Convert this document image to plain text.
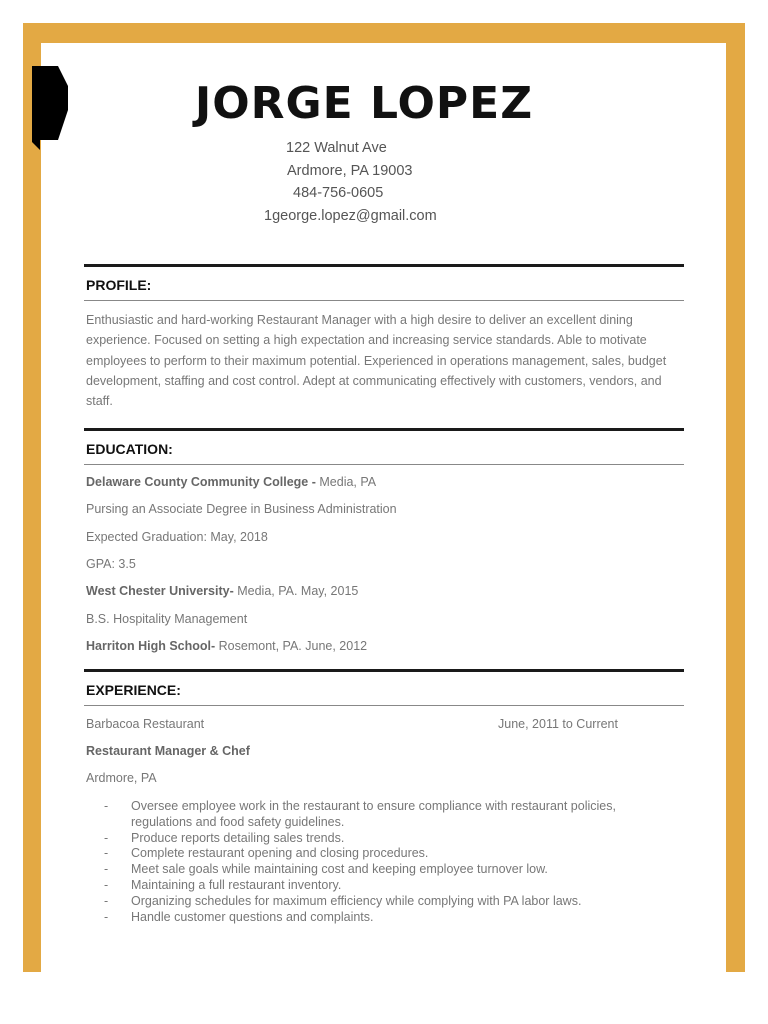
JORGE LOPEZ
122 Walnut Ave
Ardmore, PA 19003
484-756-0605
1george.lopez@gmail.com
PROFILE:
Enthusiastic and hard-working Restaurant Manager with a high desire to deliver an excellent dining experience. Focused on setting a high expectation and increasing service standards. Able to motivate employees to perform to their maximum potential. Experienced in operations management, sales, budget development, staffing and cost control. Adept at communicating effectively with customers, vendors, and staff.
EDUCATION:
Delaware County Community College - Media, PA
Pursing an Associate Degree in Business Administration
Expected Graduation: May, 2018
GPA: 3.5
West Chester University- Media, PA. May, 2015
B.S. Hospitality Management
Harriton High School- Rosemont, PA. June, 2012
EXPERIENCE:
Barbacoa Restaurant	June, 2011 to Current
Restaurant Manager & Chef
Ardmore, PA
- Oversee employee work in the restaurant to ensure compliance with restaurant policies, regulations and food safety guidelines.
- Produce reports detailing sales trends.
- Complete restaurant opening and closing procedures.
- Meet sale goals while maintaining cost and keeping employee turnover low.
- Maintaining a full restaurant inventory.
- Organizing schedules for maximum efficiency while complying with PA labor laws.
- Handle customer questions and complaints.
